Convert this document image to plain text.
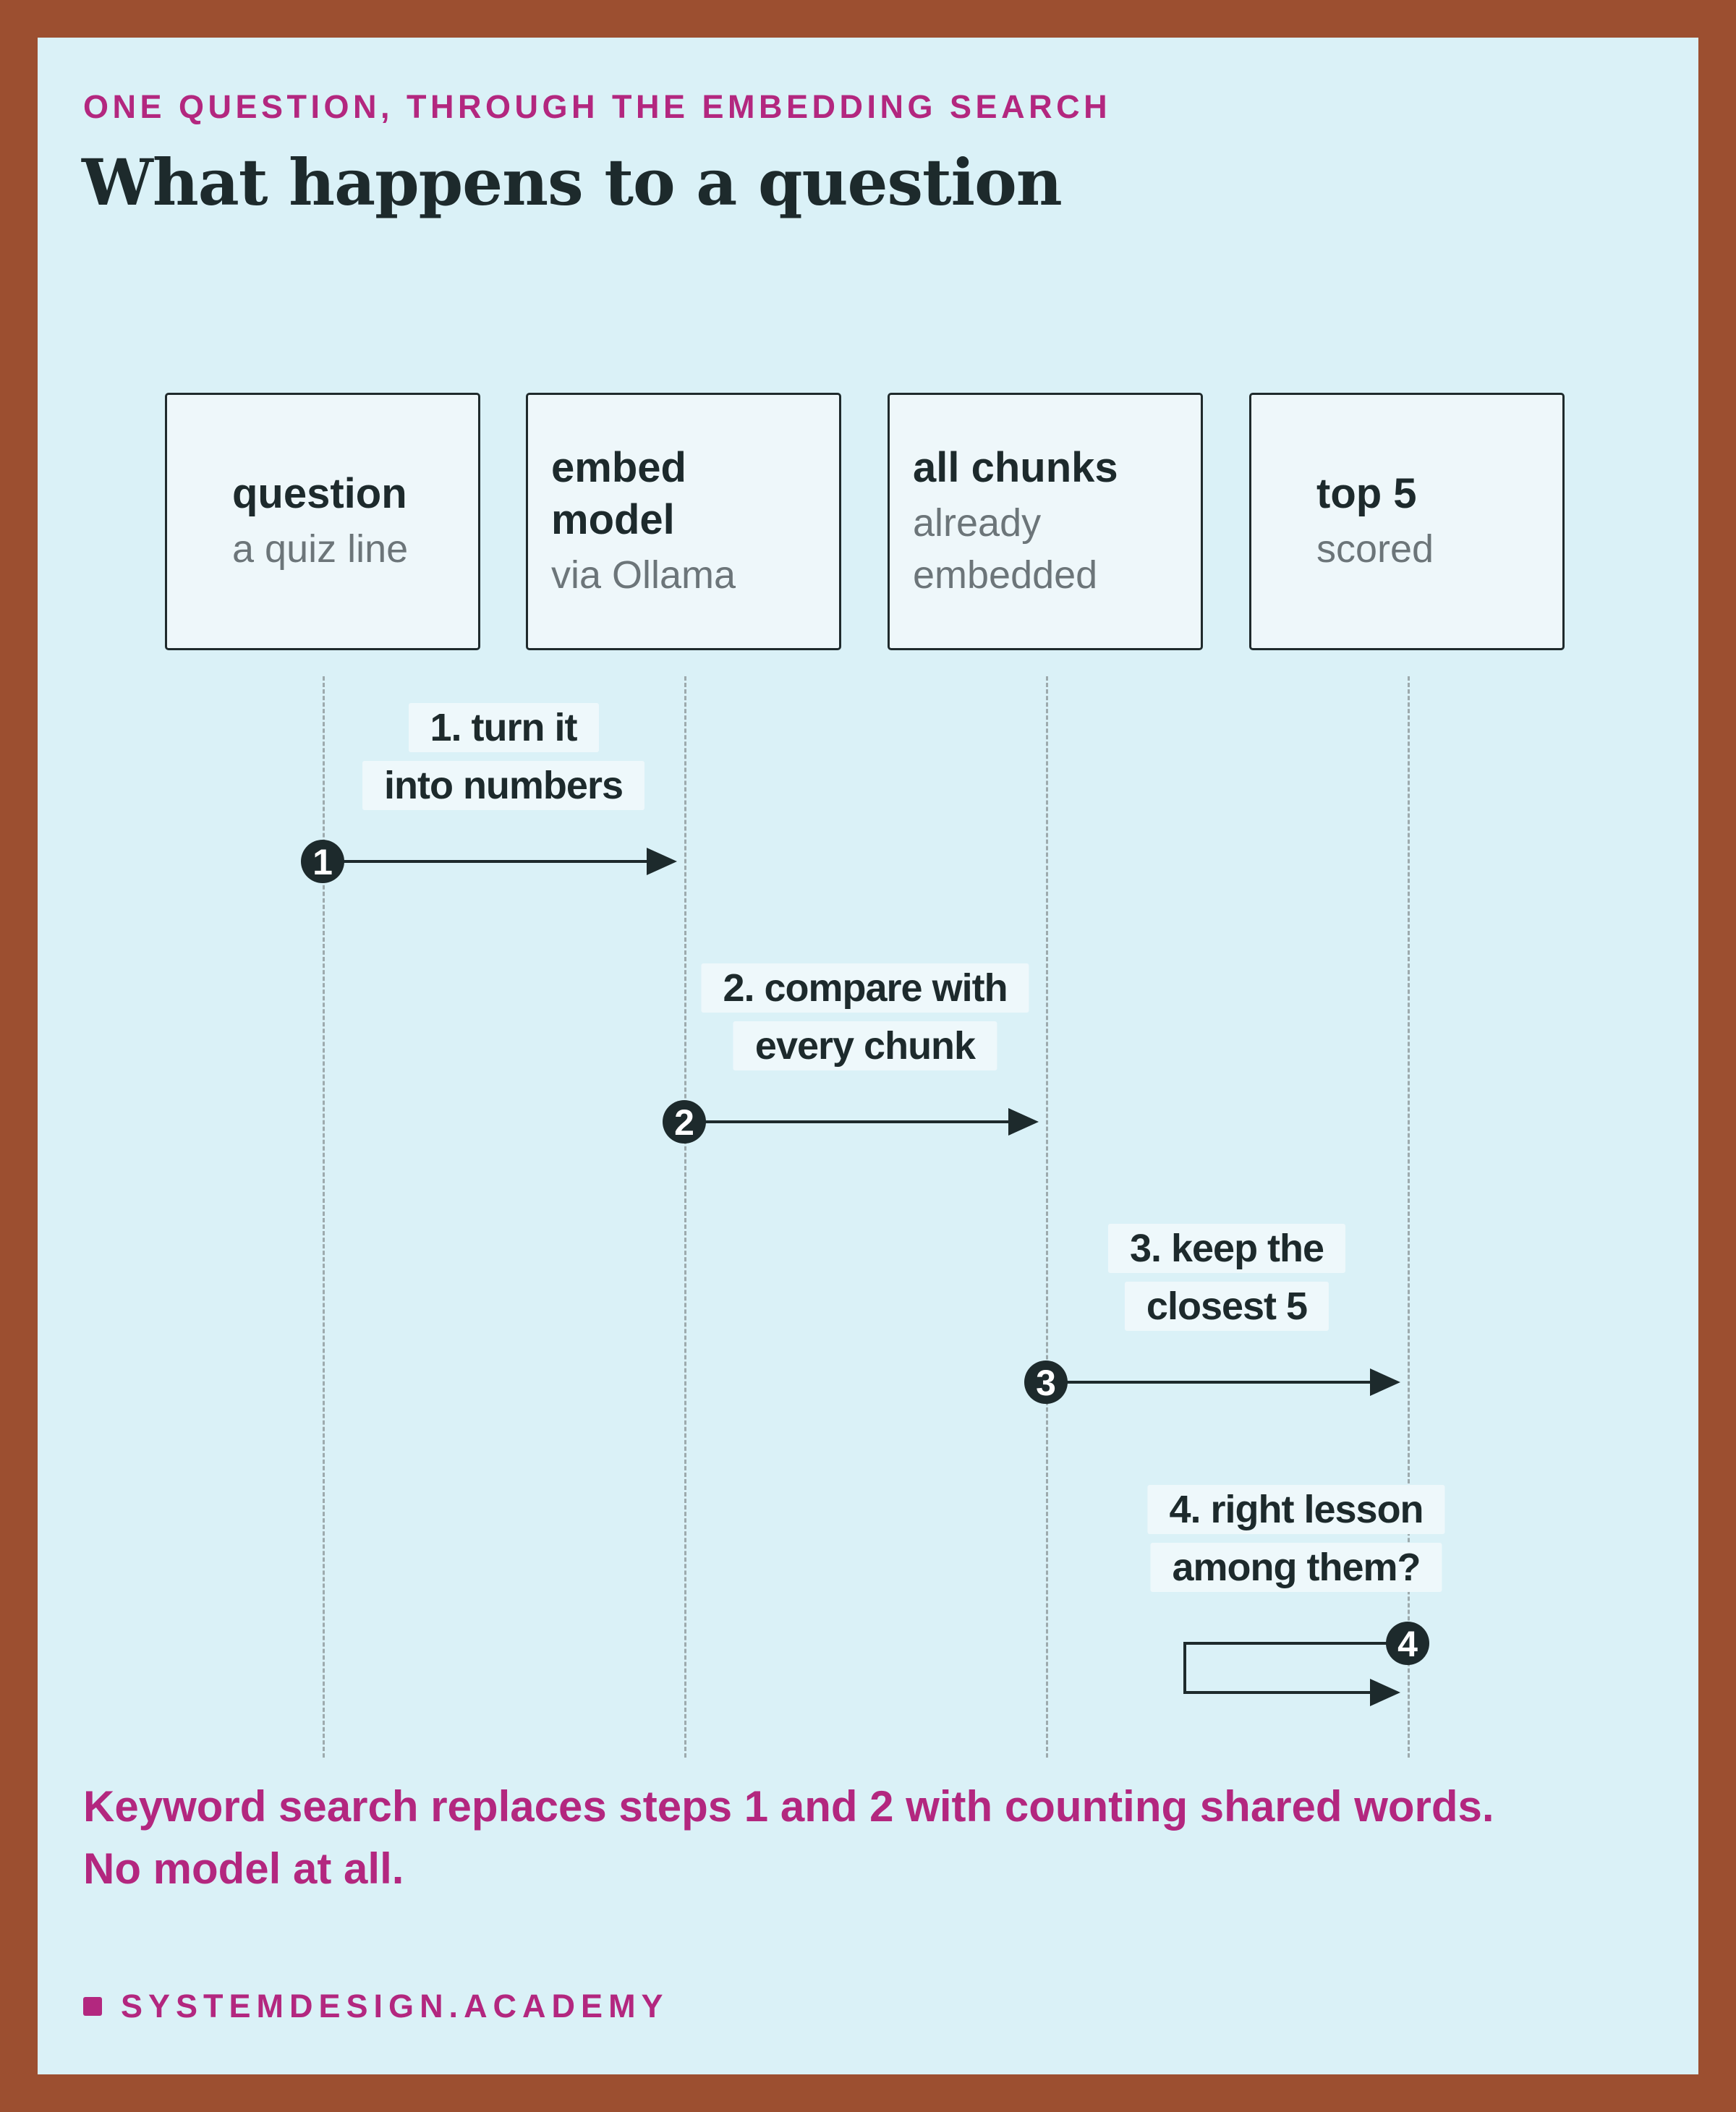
ONE QUESTION, THROUGH THE EMBEDDING SEARCH
What happens to a question
question
a quiz line
embed
model
via Ollama
all chunks
already
embedded
top 5
scored
1. turn it
into numbers
2. compare with
every chunk
3. keep the
closest 5
4. right lesson
among them?
1
2
3
4
Keyword search replaces steps 1 and 2 with counting shared words.
No model at all.
SYSTEMDESIGN.ACADEMY
